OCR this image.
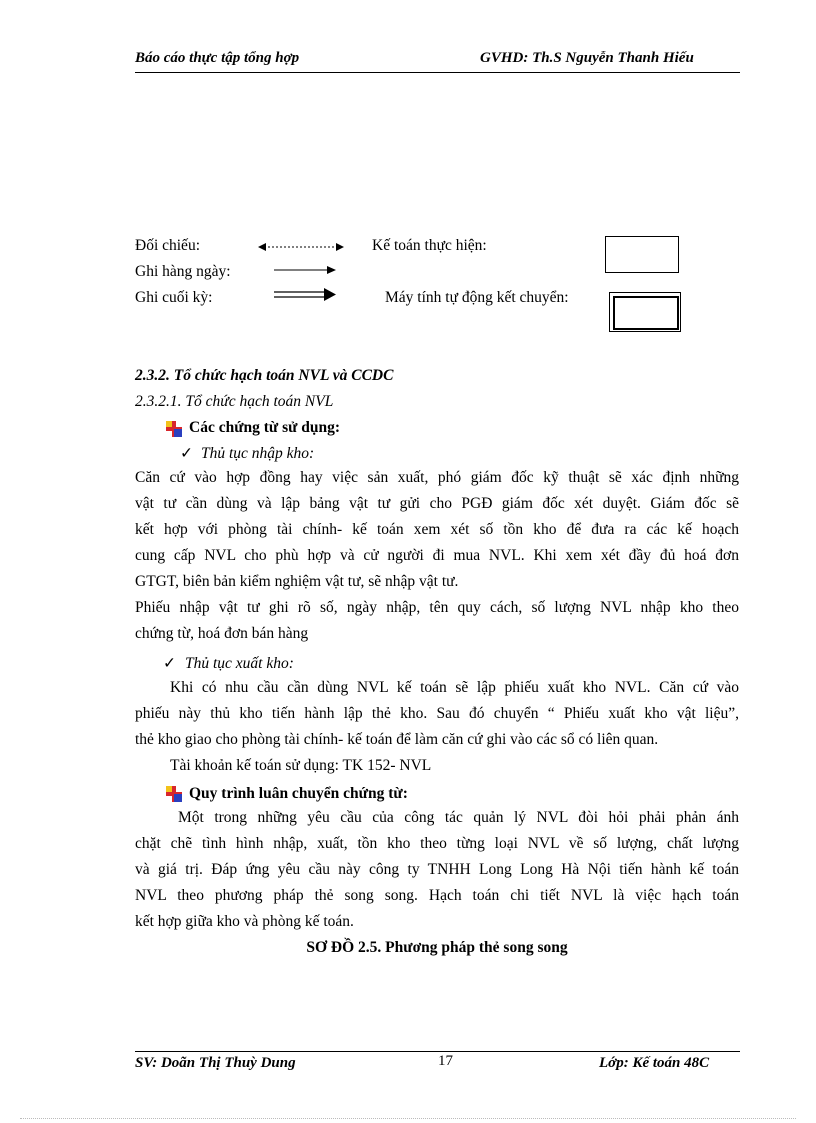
Báo cáo thực tập tổng hợp	GVHD: Th.S Nguyễn Thanh Hiếu
Đối chiếu:	Kế toán thực hiện:
Ghi hàng ngày:
Ghi cuối kỳ:	Máy tính tự động kết chuyển:
2.3.2. Tổ chức hạch toán NVL và CCDC
2.3.2.1. Tổ chức hạch toán NVL
Các chứng từ sử dụng:
✓ Thủ tục nhập kho:
Căn cứ vào hợp đồng hay việc sản xuất, phó giám đốc kỹ thuật sẽ xác định những
vật tư cần dùng và lập bảng vật tư gửi cho PGĐ giám đốc xét duyệt. Giám đốc sẽ
kết hợp với phòng tài chính- kế toán xem xét số tồn kho để đưa ra các kế hoạch
cung cấp NVL cho phù hợp và cử người đi mua NVL. Khi xem xét đầy đủ hoá đơn
GTGT, biên bản kiểm nghiệm vật tư, sẽ nhập vật tư.
Phiếu nhập vật tư ghi rõ số, ngày nhập, tên quy cách, số lượng NVL nhập kho theo
chứng từ, hoá đơn bán hàng
✓ Thủ tục xuất kho:
Khi có nhu cầu cần dùng NVL kế toán sẽ lập phiếu xuất kho NVL. Căn cứ vào
phiếu này thủ kho tiến hành lập thẻ kho. Sau đó chuyển “ Phiếu xuất kho vật liệu”,
thẻ kho giao cho phòng tài chính- kế toán để làm căn cứ ghi vào các sổ có liên quan.
Tài khoản kế toán sử dụng: TK 152- NVL
Quy trình luân chuyển chứng từ:
Một trong những yêu cầu của công tác quản lý NVL đòi hỏi phải phản ánh
chặt chẽ tình hình nhập, xuất, tồn kho theo từng loại NVL về số lượng, chất lượng
và giá trị. Đáp ứng yêu cầu này công ty TNHH Long Long Hà Nội tiến hành kế toán
NVL theo phương pháp thẻ song song. Hạch toán chi tiết NVL là việc hạch toán
kết hợp giữa kho và phòng kế toán.
SƠ ĐỒ 2.5. Phương pháp thẻ song song
SV: Doãn Thị Thuỳ Dung	17	Lớp: Kế toán 48C
